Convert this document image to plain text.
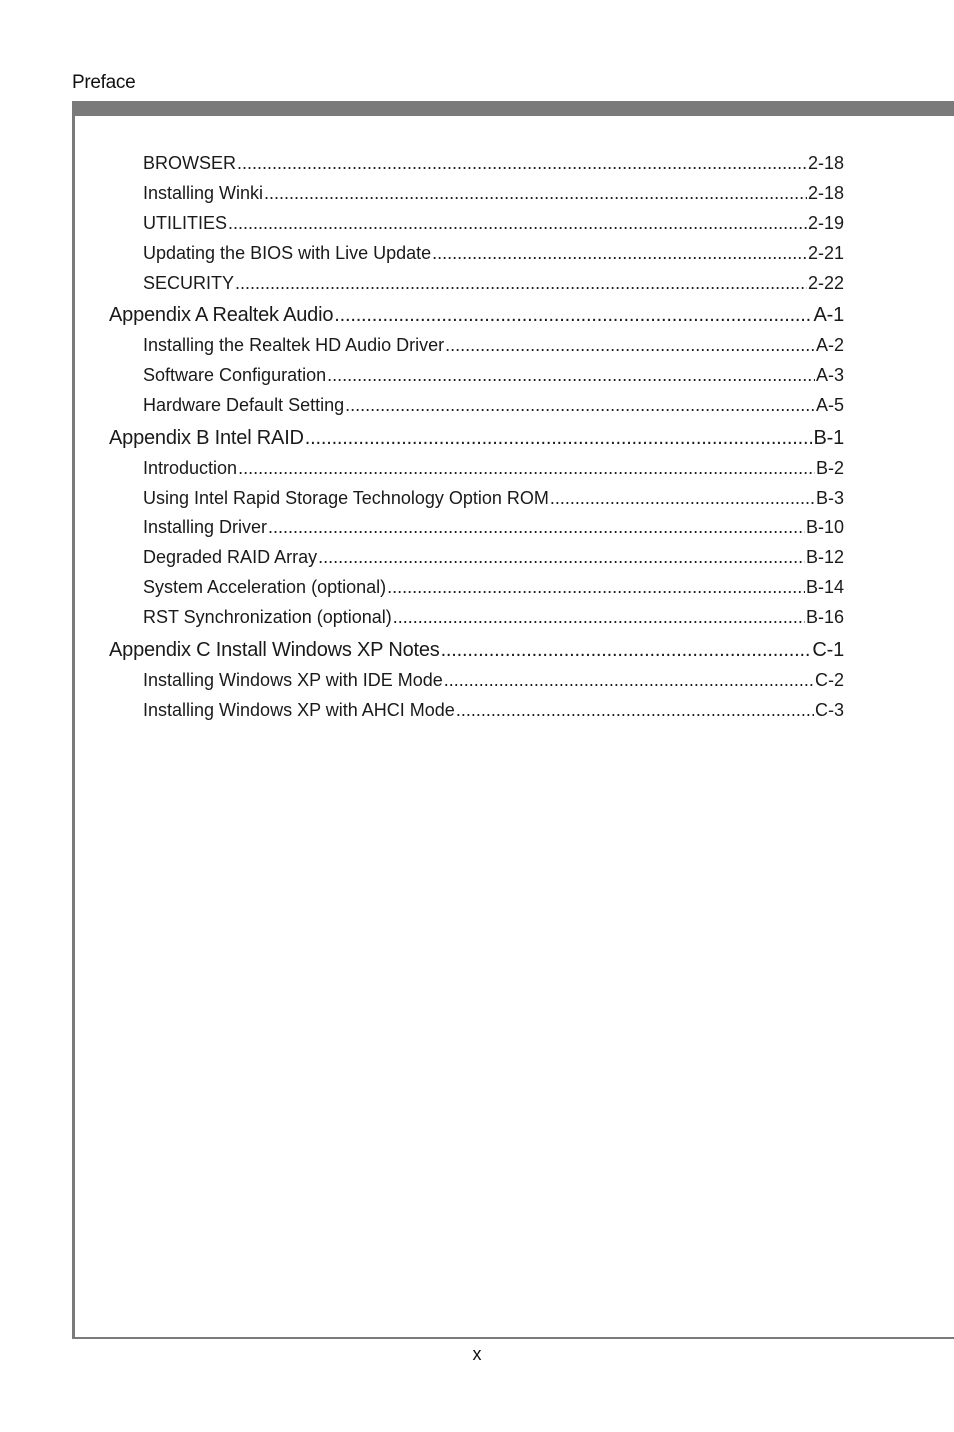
Preface
BROWSER .....	2-18
Installing Winki .....	2-18
UTILITIES .....	2-19
Updating the BIOS with Live Update .....	2-21
SECURITY .....	2-22
Appendix A Realtek Audio .....	A-1
Installing the Realtek HD Audio Driver .....	A-2
Software Configuration .....	A-3
Hardware Default Setting .....	A-5
Appendix B Intel RAID .....	B-1
Introduction .....	B-2
Using Intel Rapid Storage Technology Option ROM .....	B-3
Installing Driver .....	B-10
Degraded RAID Array .....	B-12
System Acceleration (optional) .....	B-14
RST Synchronization (optional) .....	B-16
Appendix C Install Windows XP Notes .....	C-1
Installing Windows XP with IDE Mode .....	C-2
Installing Windows XP with AHCI Mode .....	C-3
x
